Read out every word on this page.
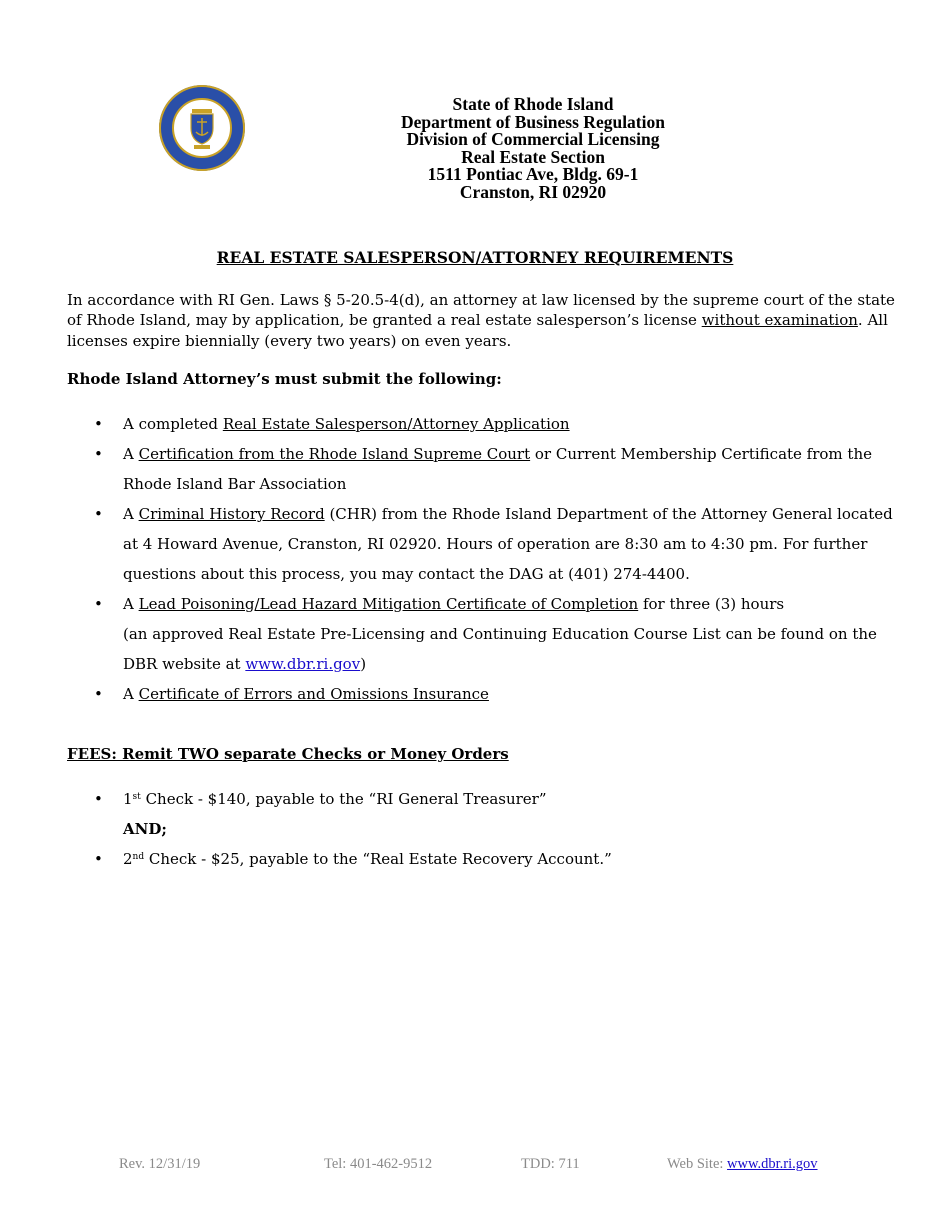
State of Rhode Island
Department of Business Regulation
Division of Commercial Licensing
Real Estate Section
1511 Pontiac Ave, Bldg. 69-1
Cranston, RI 02920
REAL ESTATE SALESPERSON/ATTORNEY REQUIREMENTS
In accordance with RI Gen. Laws § 5-20.5-4(d), an attorney at law licensed by the supreme court of the state of Rhode Island, may by application, be granted a real estate salesperson’s license without examination. All licenses expire biennially (every two years) on even years.
Rhode Island Attorney’s must submit the following:
• A completed Real Estate Salesperson/Attorney Application
• A Certification from the Rhode Island Supreme Court or Current Membership Certificate from the Rhode Island Bar Association
• A Criminal History Record (CHR) from the Rhode Island Department of the Attorney General located at 4 Howard Avenue, Cranston, RI 02920. Hours of operation are 8:30 am to 4:30 pm. For further questions about this process, you may contact the DAG at (401) 274-4400.
• A Lead Poisoning/Lead Hazard Mitigation Certificate of Completion for three (3) hours
(an approved Real Estate Pre-Licensing and Continuing Education Course List can be found on the DBR website at www.dbr.ri.gov)
• A Certificate of Errors and Omissions Insurance
FEES: Remit TWO separate Checks or Money Orders
• 1st Check - $140, payable to the “RI General Treasurer”
AND;
• 2nd Check - $25, payable to the “Real Estate Recovery Account.”
Rev. 12/31/19	Tel: 401-462-9512	TDD: 711	Web Site: www.dbr.ri.gov
